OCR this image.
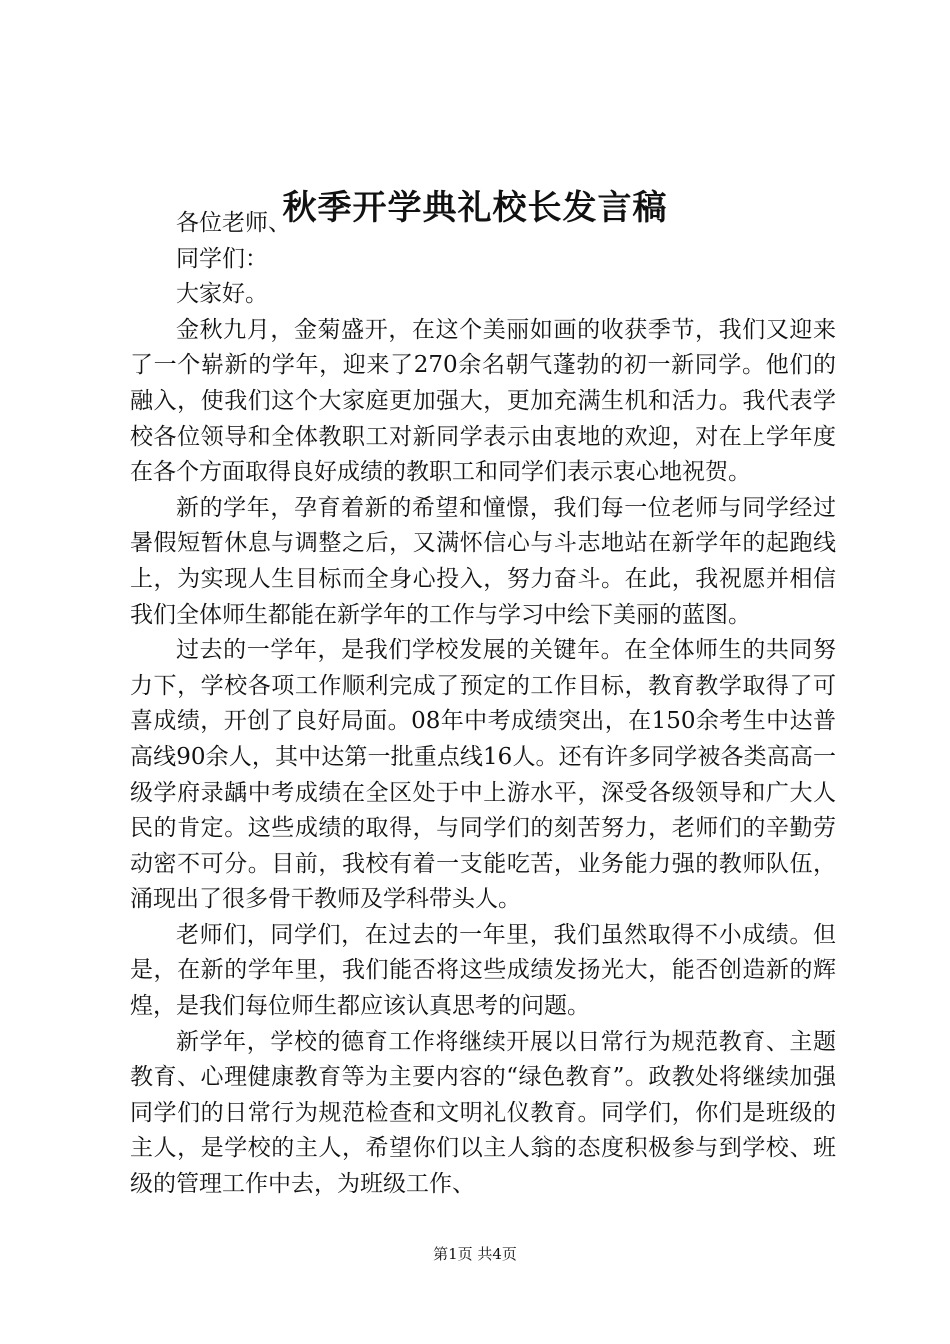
秋季开学典礼校长发言稿

各位老师、

同学们：

大家好。

金秋九月，金菊盛开，在这个美丽如画的收获季节，我们又迎来了一个崭新的学年，迎来了270余名朝气蓬勃的初一新同学。他们的融入，使我们这个大家庭更加强大，更加充满生机和活力。我代表学校各位领导和全体教职工对新同学表示由衷地的欢迎，对在上学年度在各个方面取得良好成绩的教职工和同学们表示衷心地祝贺。

新的学年，孕育着新的希望和憧憬，我们每一位老师与同学经过暑假短暂休息与调整之后，又满怀信心与斗志地站在新学年的起跑线上，为实现人生目标而全身心投入，努力奋斗。在此，我祝愿并相信我们全体师生都能在新学年的工作与学习中绘下美丽的蓝图。

过去的一学年，是我们学校发展的关键年。在全体师生的共同努力下，学校各项工作顺利完成了预定的工作目标，教育教学取得了可喜成绩，开创了良好局面。08年中考成绩突出，在150余考生中达普高线90余人，其中达第一批重点线16人。还有许多同学被各类高高一级学府录龋中考成绩在全区处于中上游水平，深受各级领导和广大人民的肯定。这些成绩的取得，与同学们的刻苦努力，老师们的辛勤劳动密不可分。目前，我校有着一支能吃苦，业务能力强的教师队伍，涌现出了很多骨干教师及学科带头人。

老师们，同学们，在过去的一年里，我们虽然取得不小成绩。但是，在新的学年里，我们能否将这些成绩发扬光大，能否创造新的辉煌，是我们每位师生都应该认真思考的问题。

新学年，学校的德育工作将继续开展以日常行为规范教育、主题教育、心理健康教育等为主要内容的“绿色教育”。政教处将继续加强同学们的日常行为规范检查和文明礼仪教育。同学们，你们是班级的主人，是学校的主人，希望你们以主人翁的态度积极参与到学校、班级的管理工作中去，为班级工作、

第1页 共4页
